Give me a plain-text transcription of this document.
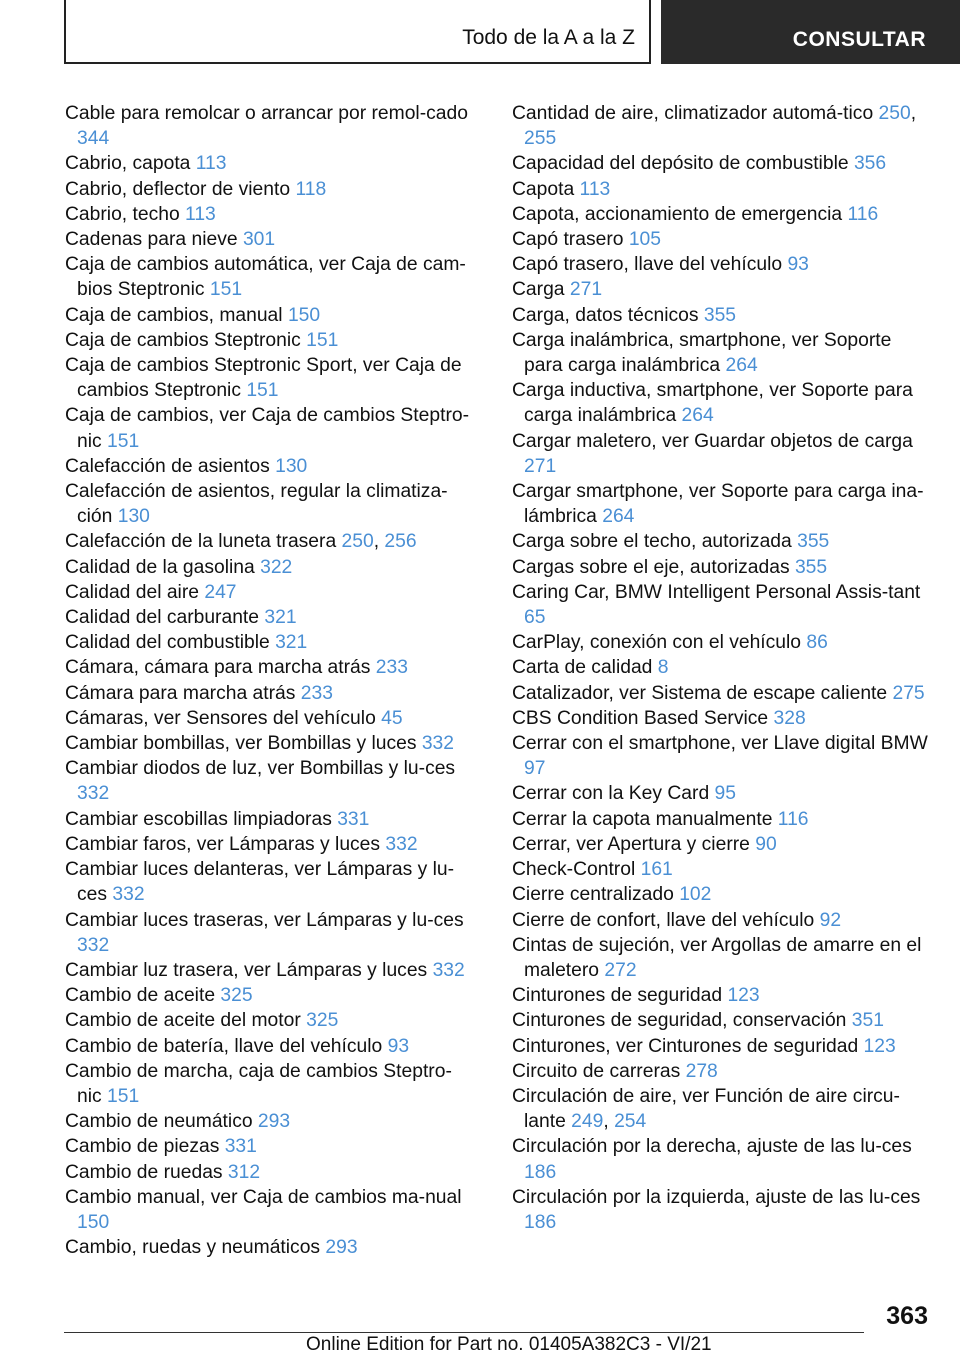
Todo de la A a la Z	CONSULTAR
Cable para remolcar o arrancar por remol-cado 344
Cabrio, capota 113
Cabrio, deflector de viento 118
Cabrio, techo 113
Cadenas para nieve 301
Caja de cambios automática, ver Caja de cam-bios Steptronic 151
Caja de cambios, manual 150
Caja de cambios Steptronic 151
Caja de cambios Steptronic Sport, ver Caja de cambios Steptronic 151
Caja de cambios, ver Caja de cambios Steptro-nic 151
Calefacción de asientos 130
Calefacción de asientos, regular la climatiza-ción 130
Calefacción de la luneta trasera 250, 256
Calidad de la gasolina 322
Calidad del aire 247
Calidad del carburante 321
Calidad del combustible 321
Cámara, cámara para marcha atrás 233
Cámara para marcha atrás 233
Cámaras, ver Sensores del vehículo 45
Cambiar bombillas, ver Bombillas y luces 332
Cambiar diodos de luz, ver Bombillas y lu-ces 332
Cambiar escobillas limpiadoras 331
Cambiar faros, ver Lámparas y luces 332
Cambiar luces delanteras, ver Lámparas y lu-ces 332
Cambiar luces traseras, ver Lámparas y lu-ces 332
Cambiar luz trasera, ver Lámparas y luces 332
Cambio de aceite 325
Cambio de aceite del motor 325
Cambio de batería, llave del vehículo 93
Cambio de marcha, caja de cambios Steptro-nic 151
Cambio de neumático 293
Cambio de piezas 331
Cambio de ruedas 312
Cambio manual, ver Caja de cambios ma-nual 150
Cambio, ruedas y neumáticos 293
Cantidad de aire, climatizador automá-tico 250, 255
Capacidad del depósito de combustible 356
Capota 113
Capota, accionamiento de emergencia 116
Capó trasero 105
Capó trasero, llave del vehículo 93
Carga 271
Carga, datos técnicos 355
Carga inalámbrica, smartphone, ver Soporte para carga inalámbrica 264
Carga inductiva, smartphone, ver Soporte para carga inalámbrica 264
Cargar maletero, ver Guardar objetos de carga 271
Cargar smartphone, ver Soporte para carga ina-lámbrica 264
Carga sobre el techo, autorizada 355
Cargas sobre el eje, autorizadas 355
Caring Car, BMW Intelligent Personal Assis-tant 65
CarPlay, conexión con el vehículo 86
Carta de calidad 8
Catalizador, ver Sistema de escape caliente 275
CBS Condition Based Service 328
Cerrar con el smartphone, ver Llave digital BMW 97
Cerrar con la Key Card 95
Cerrar la capota manualmente 116
Cerrar, ver Apertura y cierre 90
Check-Control 161
Cierre centralizado 102
Cierre de confort, llave del vehículo 92
Cintas de sujeción, ver Argollas de amarre en el maletero 272
Cinturones de seguridad 123
Cinturones de seguridad, conservación 351
Cinturones, ver Cinturones de seguridad 123
Circuito de carreras 278
Circulación de aire, ver Función de aire circu-lante 249, 254
Circulación por la derecha, ajuste de las lu-ces 186
Circulación por la izquierda, ajuste de las lu-ces 186
363
Online Edition for Part no. 01405A382C3 - VI/21
